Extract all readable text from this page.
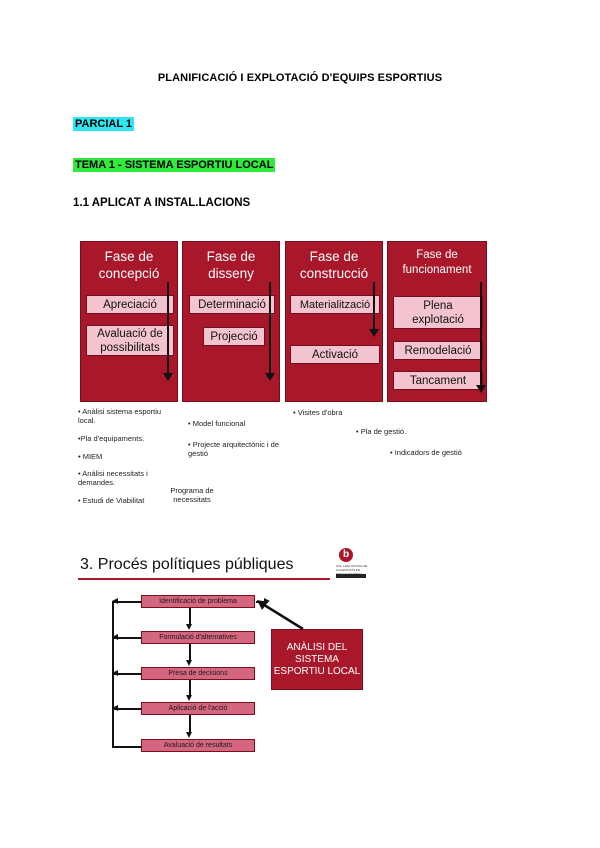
PLANIFICACIÓ I EXPLOTACIÓ D'EQUIPS ESPORTIUS
PARCIAL 1
TEMA 1 - SISTEMA ESPORTIU LOCAL
1.1 APLICAT A INSTAL.LACIONS
Fase de
concepció
Apreciació
Avaluació de possibilitats
Fase de
disseny
Determinació
Projecció
Fase de
construcció
Materialització
Activació
Fase de
funcionament
Plena explotació
Remodelació
Tancament
• Anàlisi sistema esportiu local.
•Pla d'equipaments.
• MIEM
• Anàlisi necessitats i demandes.
• Estudi de Viabilitat
• Model funcional
• Projecte arquitectònic i de gestió
Programa de necessitats
• Visites d'obra
• Pla de gestió.
• Indicadors de gestió
3. Procés polítiques públiques
b
COL·LEGI OFICIAL DE LLICENCIATS EN
Identificació de problema
Formulació d'alternatives
Presa de decisions
Aplicació de l'acció
Avaluació de resultats
ANÀLISI DEL SISTEMA ESPORTIU LOCAL
